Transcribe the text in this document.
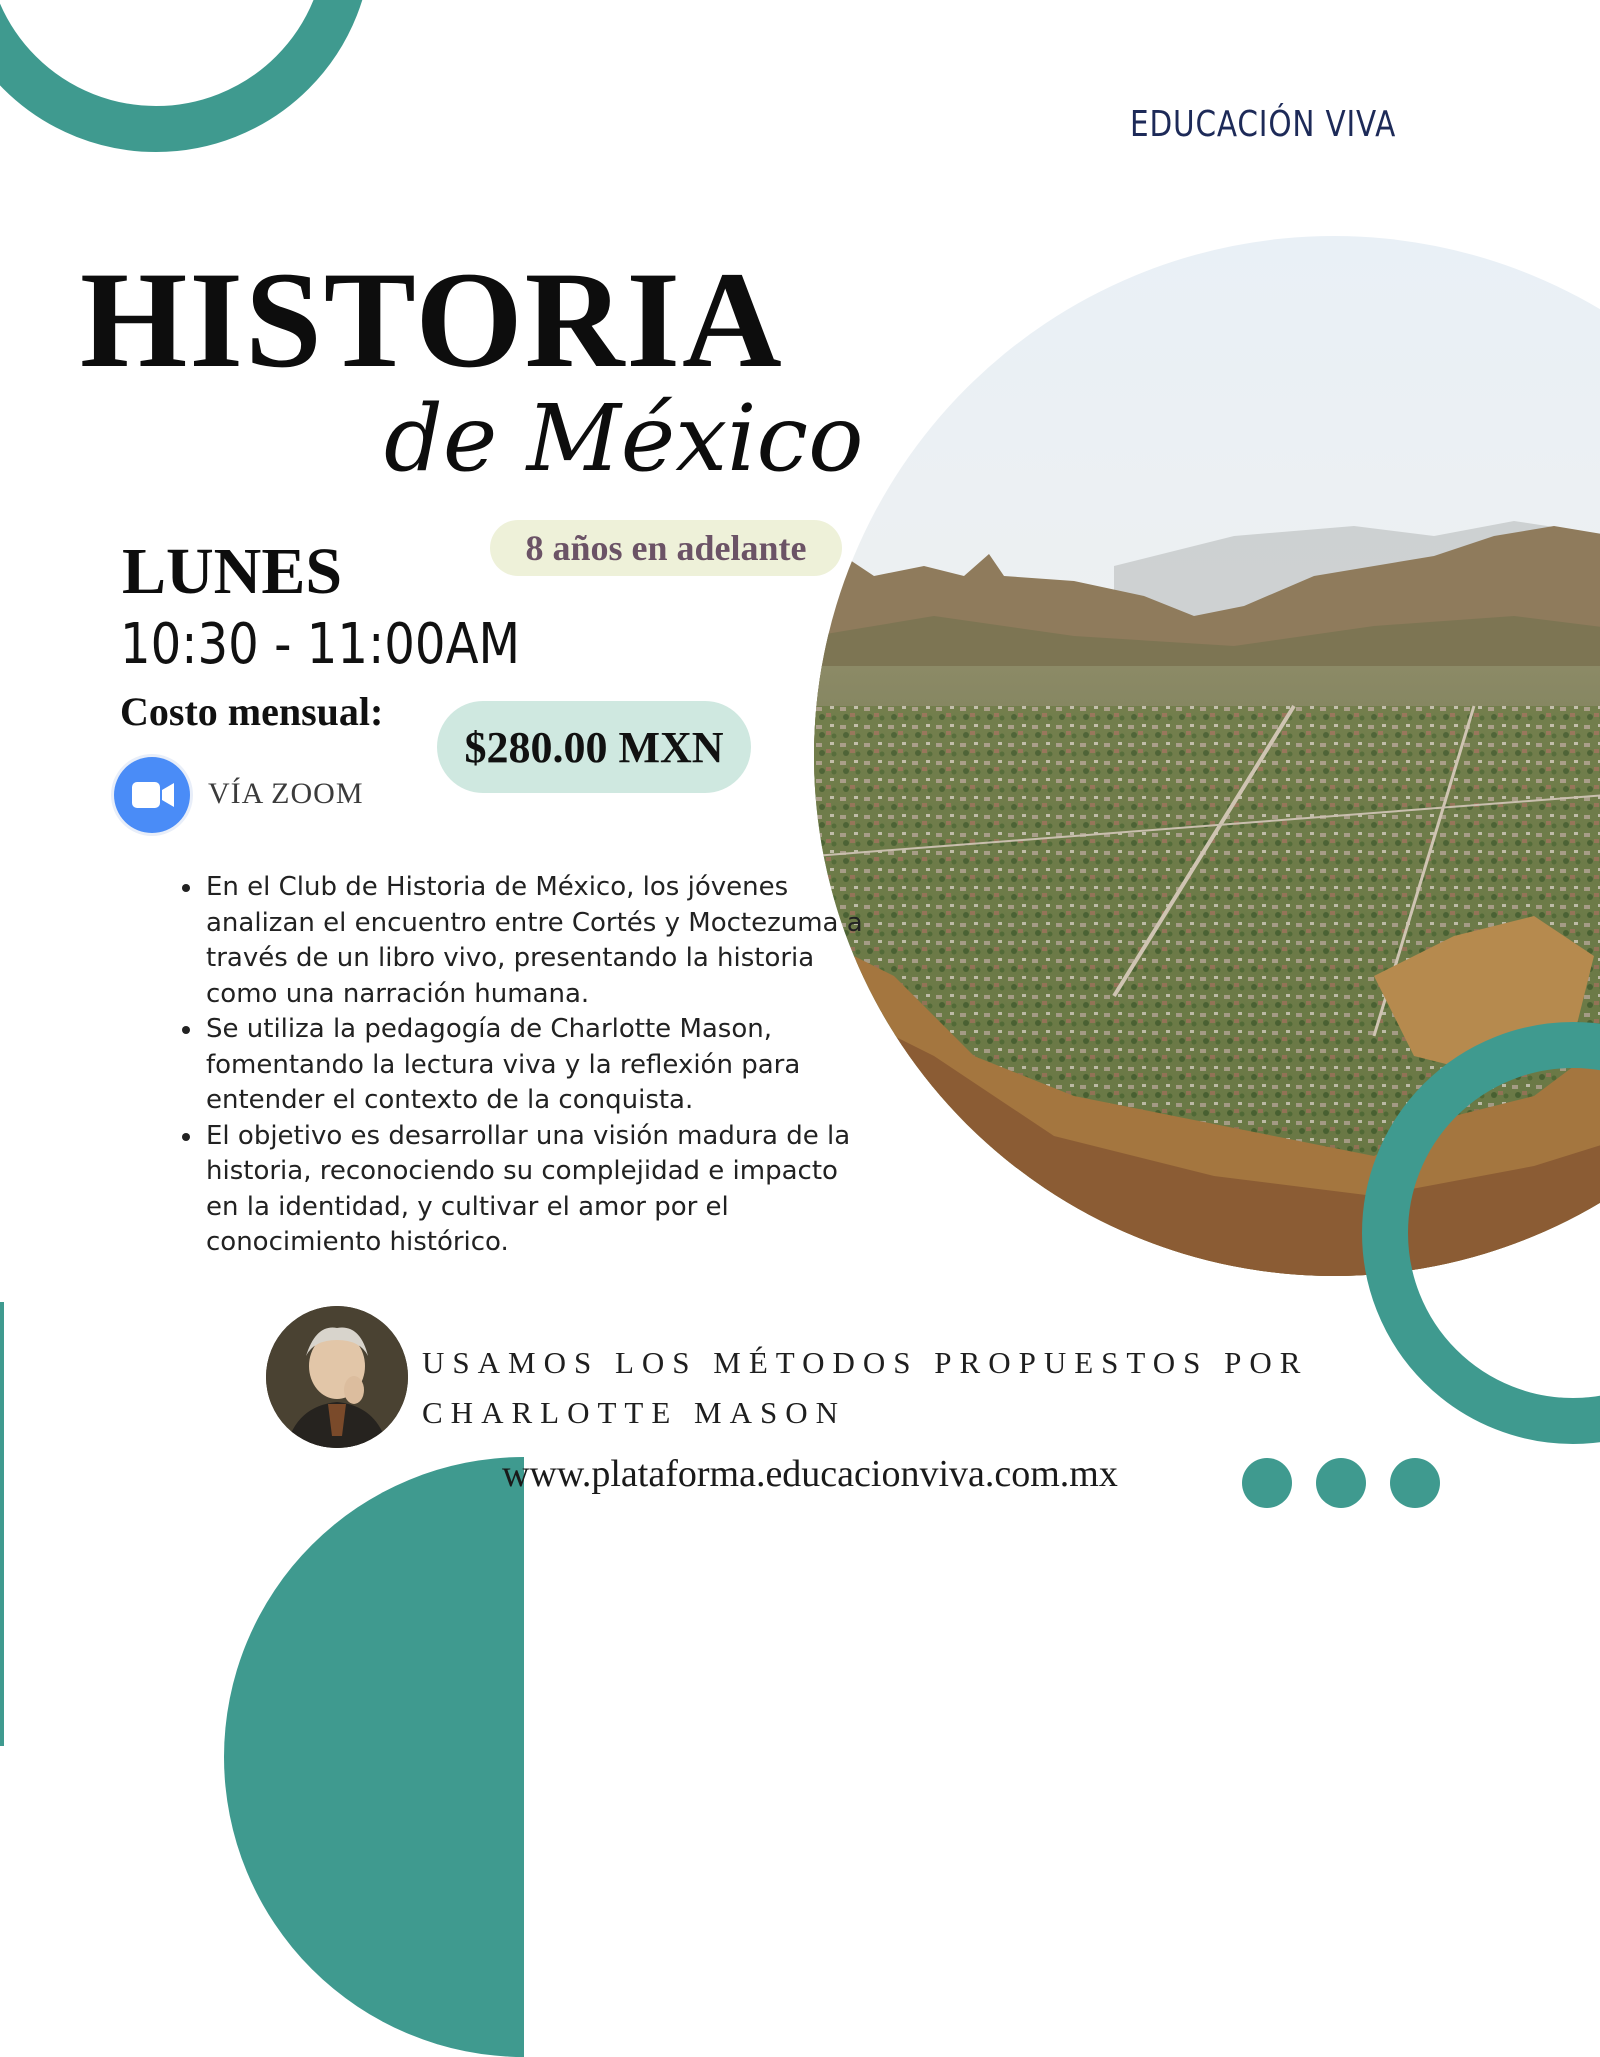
EDUCACIÓN VIVA
HISTORIA
de México
8 años en adelante
LUNES
10:30 - 11:00AM
Costo mensual:
$280.00 MXN
VÍA ZOOM
• En el Club de Historia de México, los jóvenes analizan el encuentro entre Cortés y Moctezuma a través de un libro vivo, presentando la historia como una narración humana.
• Se utiliza la pedagogía de Charlotte Mason, fomentando la lectura viva y la reflexión para entender el contexto de la conquista.
• El objetivo es desarrollar una visión madura de la historia, reconociendo su complejidad e impacto en la identidad, y cultivar el amor por el conocimiento histórico.
USAMOS LOS MÉTODOS PROPUESTOS POR CHARLOTTE MASON
www.plataforma.educacionviva.com.mx
